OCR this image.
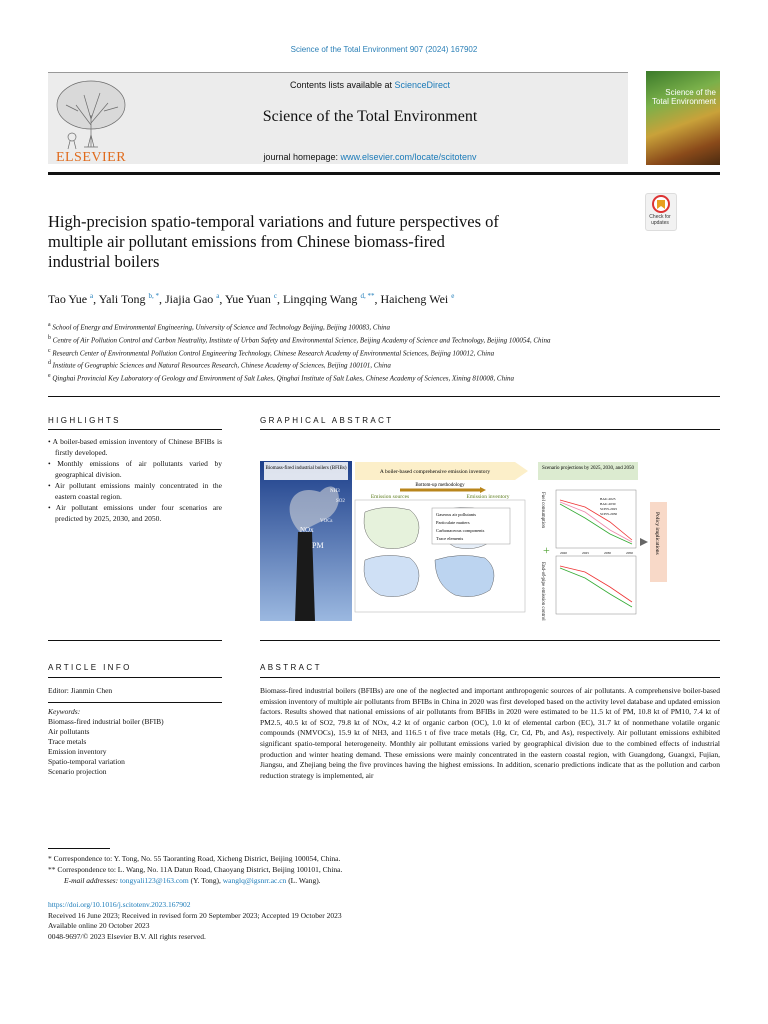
Science of the Total Environment 907 (2024) 167902
ELSEVIER
Contents lists available at ScienceDirect
Science of the Total Environment
journal homepage: www.elsevier.com/locate/scitotenv
Science of the
Total Environment
Check for updates
High-precision spatio-temporal variations and future perspectives of
multiple air pollutant emissions from Chinese biomass-fired
industrial boilers
Tao Yue $^a$, Yali Tong $^{b, *}$, Jiajia Gao $^a$, Yue Yuan $^c$, Lingqing Wang $^{d, **}$, Haicheng Wei $^e$
$^a$ School of Energy and Environmental Engineering, University of Science and Technology Beijing, Beijing 100083, China
$^b$ Centre of Air Pollution Control and Carbon Neutrality, Institute of Urban Safety and Environmental Science, Beijing Academy of Science and Technology, Beijing 100054, China
$^c$ Research Center of Environmental Pollution Control Engineering Technology, Chinese Research Academy of Environmental Sciences, Beijing 100012, China
$^d$ Institute of Geographic Sciences and Natural Resources Research, Chinese Academy of Sciences, Beijing 100101, China
$^e$ Qinghai Provincial Key Laboratory of Geology and Environment of Salt Lakes, Qinghai Institute of Salt Lakes, Chinese Academy of Sciences, Xining 810008, China
HIGHLIGHTS	GRAPHICAL ABSTRACT
• A boiler-based emission inventory of Chinese BFIBs is firstly developed.
• Monthly emissions of air pollutants varied by geographical division.
• Air pollutant emissions mainly concentrated in the eastern coastal region.
• Air pollutant emissions under four scenarios are predicted by 2025, 2030, and 2050.
Biomass-fired industrial boilers (BFIBs)
NH3
SO2
VOCs
NOx
PM
A boiler-based comprehensive emission inventory
Bottom-up methodology
Emission sources	Emission inventory
Gaseous air pollutants
Particulate matters
Carbonaceous components
Trace elements
Scenario projections by 2025, 2030, and 2050
Fuel consumption
End-of-pipe emission control
+
BAU-2025
BAU-2030
SCEN-2025
SCEN-2030
2020	2025	2030	2050	Policy implications
ARTICLE INFO	ABSTRACT
Editor: Jianmin Chen
Keywords:
Biomass-fired industrial boiler (BFIB)
Air pollutants
Trace metals
Emission inventory
Spatio-temporal variation
Scenario projection
Biomass-fired industrial boilers (BFIBs) are one of the neglected and important anthropogenic sources of air pollutants. A comprehensive boiler-based emission inventory of multiple air pollutants from BFIBs in China in 2020 was first developed based on the activity level database and updated emission factors. Results showed that national emissions of air pollutants from BFIBs in 2020 were estimated to be 11.5 kt of PM, 10.8 kt of PM10, 7.4 kt of PM2.5, 40.5 kt of SO2, 79.8 kt of NOx, 4.2 kt of organic carbon (OC), 1.0 kt of elemental carbon (EC), 31.7 kt of nonmethane volatile organic compounds (NMVOCs), 15.9 kt of NH3, and 116.5 t of five trace metals (Hg, Cr, Cd, Pb, and As), respectively. Air pollutant emissions exhibited significant spatio-temporal heterogeneity. Monthly air pollutant emissions varied by geographical division due to the combined effects of industrial production and winter heating demand. These emissions were mainly concentrated in the eastern coastal region, with Guangdong, Guangxi, Fujian, Jiangsu, and Zhejiang being the five provinces having the highest emissions. In addition, scenario predictions indicate that as the pollution and carbon reduction strategy is implemented, air
* Correspondence to: Y. Tong, No. 55 Taoranting Road, Xicheng District, Beijing 100054, China.
** Correspondence to: L. Wang, No. 11A Datun Road, Chaoyang District, Beijing 100101, China.
E-mail addresses: tongyali123@163.com (Y. Tong), wanglq@igsnrr.ac.cn (L. Wang).
https://doi.org/10.1016/j.scitotenv.2023.167902
Received 16 June 2023; Received in revised form 20 September 2023; Accepted 19 October 2023
Available online 20 October 2023
0048-9697/© 2023 Elsevier B.V. All rights reserved.
